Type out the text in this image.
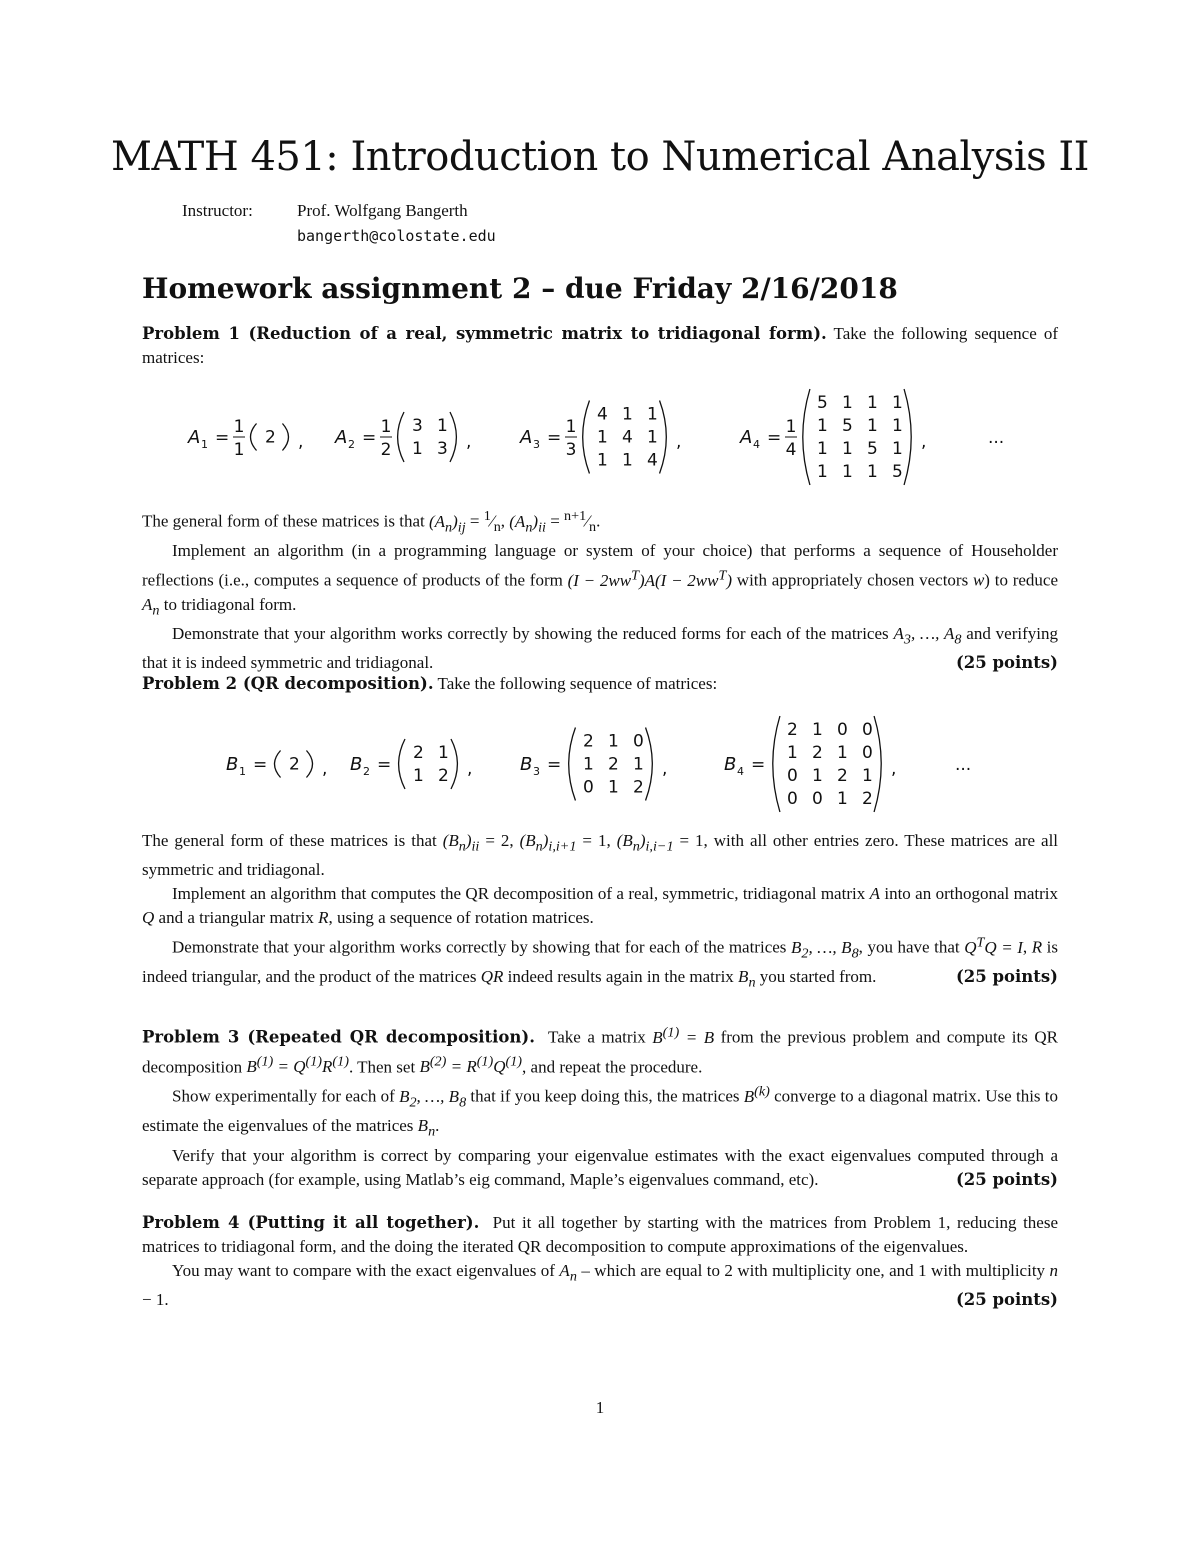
MATH 451: Introduction to Numerical Analysis II
Instructor:	Prof. Wolfgang Bangerth
bangerth@colostate.edu
Homework assignment 2 – due Friday 2/16/2018

Problem 1 (Reduction of a real, symmetric matrix to tridiagonal form). Take the following sequence of matrices:

A 1 =
1
1
2 , A 2 =
1
2
3 1
1 3 ,	A 3 =
1
3
4 1 1
1 4 1
1 1 4
,	A 4 =
1
4
5 1 1 1
1 5 1 1
1 1 5 1
1 1 1 5
,	...

The general form of these matrices is that $(A_n)_{ij}$ = $^1⁄_n$, $(A_n)_{ii}$ = $^{n+1}⁄_n$.

Implement an algorithm (in a programming language or system of your choice) that performs a sequence of Householder reflections (i.e., computes a sequence of products of the form $(I - 2ww^T)A(I - 2ww^T)$ with appropriately chosen vectors w) to reduce $A_n$ to tridiagonal form.

Demonstrate that your algorithm works correctly by showing the reduced forms for each of the matrices $A_3$, …, $A_8$ and verifying that it is indeed symmetric and tridiagonal.	(25 points)

Problem 2 (QR decomposition). Take the following sequence of matrices:

B 1 = 2 , B 2 =
2 1
1 2 ,	B 3 =
2 1 0
1 2 1
0 1 2
,	B 4 =
2 1 0 0
1 2 1 0
0 1 2 1
0 0 1 2
,	...

The general form of these matrices is that $(B_n)_{ii} = 2$, $(B_n)_{i,i+1} = 1$, $(B_n)_{i,i-1} = 1$, with all other entries zero. These matrices are all symmetric and tridiagonal.

Implement an algorithm that computes the QR decomposition of a real, symmetric, tridiagonal matrix A into an orthogonal matrix Q and a triangular matrix R, using a sequence of rotation matrices.

Demonstrate that your algorithm works correctly by showing that for each of the matrices $B_2$, …, $B_8$, you have that $Q^TQ = I$, R is indeed triangular, and the product of the matrices QR indeed results again in the matrix $B_n$ you started from.	(25 points)

Problem 3 (Repeated QR decomposition). Take a matrix $B^{(1)} = B$ from the previous problem and compute its QR decomposition $B^{(1)} = Q^{(1)}R^{(1)}$. Then set $B^{(2)} = R^{(1)}Q^{(1)}$, and repeat the procedure.

Show experimentally for each of $B_2$, …, $B_8$ that if you keep doing this, the matrices $B^{(k)}$ converge to a diagonal matrix. Use this to estimate the eigenvalues of the matrices $B_n$.

Verify that your algorithm is correct by comparing your eigenvalue estimates with the exact eigenvalues computed through a separate approach (for example, using Matlab’s eig command, Maple’s eigenvalues command, etc).	(25 points)

Problem 4 (Putting it all together). Put it all together by starting with the matrices from Problem 1, reducing these matrices to tridiagonal form, and the doing the iterated QR decomposition to compute approximations of the eigenvalues.

You may want to compare with the exact eigenvalues of $A_n$ – which are equal to 2 with multiplicity one, and 1 with multiplicity n − 1.	(25 points)

1
